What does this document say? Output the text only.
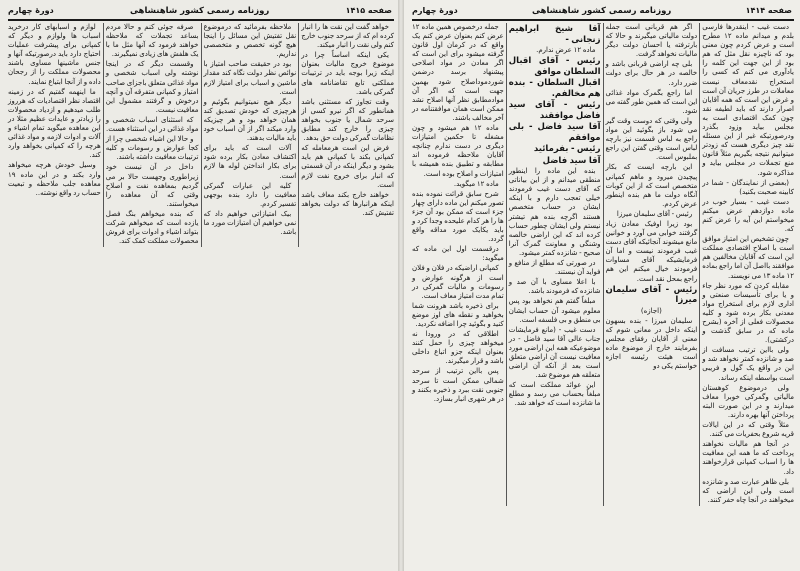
دورهٔ چهارم	روزنامه رسمی کشور شاهنشاهی	صفحه ۱۴۱۴

دست غیب - اینقدرها فارسی بلدم و میدانم ماده ۱۲ مطرح است و عرض کردم چون معنی بود که ناچیزه نقل مثل که هم بود از این جهت این کلمه را یادآوری می کنم که کسی را استخراج نقدمعاف نیست معاملات در طرز جریان آن است و غرض این است که همه آقایان اصرار دارند که باید لطیفه نقد چون کمک اقتصادی است به مجلس بیاید وزود بگذرد ودرصورتیکه غیر از این مسئله نقد چیز دیگری هست که زودتر میتوانیم نتیجه بگیریم مثلاً قانون منع تجملات در مجلس بیاید و مذاکره شود.

(بعضی از نمایندگان - شما در کابینه صحبت بکنید)

دست غیب - بسیار خوب در ماده دوازدهم عرض میکنم میخواستم این آیه را عرض کنم که.

چون تشخیص این امتیاز موافق است با اصلاح اقتصادی مملکت این است که آقایان مخالفین هم موافقند بااصل آن اما راجع بماده ۱۲ ماده ۱۳ می نویسند.

مقابله کردن که مورد نظر جاء و یا برای تأسیسات صنعتی و اداری لازم برای استخراج مواد معدنی بکار برده شود و کلیه محصولات فعلی از آخره (بشرح ماده که در سابق گذشت و درکشتی).

ولی بااین ترتیب مسافت از صد و شانزده کمتر نخواهد شد و این در واقع یک گول و فریبی است بواسطه اینکه رساند.

ولی درموضوع کوهستان مالیاتی وگمرکی خوبرا معاف میدارند و در این صورت البته پرداختن آنها بهره دارند.

مثلاً وقتی که در این ایالات قریه شروع بحفریات می کنند.

در آنجا هم مالیات نخواهند پرداخت که ما همه این معافیت ها را اسباب کمپانی قرارخواهند داد.

بلی ظاهر عبارت صد و شانزده است ولی این اراضی که میخواهند در آنجا چاه حفر کنند.

اگر هم قربانی است جمله دولت مالیاتی میگیرند و حالا که بارترفته یا احسان دولت دیگر مالیات نخواهد گرفت.

بلی چه اراضی قربانی باشد و خالصه در هر حال برای دولت ضرر دارد.

اما راجع بگمرک مواد غذائی این است که همین طور گفته می شود.

ولی وقتی که دوست وقت گیر می شود باز بگوئید این مواد راجع به لباس قسمت نیز بارچه لباس است وقتی گفتن این راجع بملبوس است.

این بارچه ایست که بکار پیچیدن میرود و ماهم کمپانی متخصص است که از این کوبات آنگاه دولت ما هم بنده اینطور عرض کردم.

رئیس - آقای سلیمان میرزا

بود زیرا اوفیک معادن زیاد گرفتند خوابی می آورد و خوانین مانع میشوند آنجائیکه آقای دست غیب فرمودند نیست و اما آن فرمایشیکه آقای مساوات فرمودند خیال میکنم این هم راجع بمحل نقد است.

رئیس - آقای سلیمان میرزا

(اجازه)

سلیمان میرزا - بنده بسهون اینکه داخل در معانی شوم که معنی از آقایان رفقای مجلس بفرمایند خارج از موضوع ماده است هیئت رئیسه اجازه خواستم یکی دو

آقا شیخ ابراهیم زنجانی -

ماده ۱۲ عرض ندارم.

رئیس - آقای اقبال السلطان موافق

اقبال السلطان - بنده هم مخالفم.

رئیس - آقای سید فاضل موافقند

آقا سید فاضل - بلی موافقم

رئیس - بفرمائید

آقا سید فاضل

بنده این ماده را اینطور منطقی میدانم و از این بیاناتی که آقای دست غیب فرمودند خیلی تعجب دارم و با اینکه ایشان در حساب متخصص هستند اگرچه بنده هم تیشتر نیستم ولی ایشان چطور حساب کرده اند که این اراضی خالصه وشنگی و معاونت گمرک آنرا صحیح - شانزده کمتر میشود.

در صورتی که مطلع از منافع و فواید آن نیستند.

با اعلا مساوی با آن صد و شانزده که فرمودند باشد.

مبلغاً گفتم هم نخواهد بود پس معلوم میشود آن حساب ایشان بی منطق و بی فلسفه است.

دست غیب - (مانع فرمایشات جناب عالی آقا سید فاضل - در موضوعیکه همه این اراضی مورد معافیت نیست آن اراضی متعلق است بعد از آنکه آن اراضی متعلقه هم موضوع شد.

این عوائد مملکت است که مبلغاً بحساب می رسد و مطلع ما شانزده است که خواهد شد.

جمله درخصوص همین ماده ۱۲ عرض کنم بعنوان عرض کنم یک واقع که در کرمان اول قانون گرفته میشود برای این است که اگر معادن در مواد اصلاحی پیشنهاد برسد درضمن شوردموداصلاح شود بهمین جهت است که اگر آن موادمطابق نظر آنها اصلاح نشد ممکن است همان موافقتنامه در آخر مخالف باشند.

ماده ۱۲ هم میشود و چون مشغله تا حکمین امتیازات دیگری در دست ندارم چنانچه آقایان ملاحظه فرموده اند مطابقه و تطبیق بنده همیشه با امتیازات و اصلاح بوده است.

ماده ۱۲ میگوید.

شرح سابق قرائت نموده بنده تصور میکنم این ماده دارای چهار جزء است که ممکن بود آن جزء ها را هر کدام علیحده وجدا کرد و باید یکایک مورد مداقه واقع گردد.

درقسمت اول این ماده که میگوید:

کمپانی اراضیکه در فلان و فلان است از هرگونه عوارض و رسومات و مالیات گمرکی در تمام مدت امتیاز معاف است.

برای ذخیره باشد هرونت شما بخواهید و نقطه های اوز موضع کنید و بگوئید چرا اضافه نکردید.

اطلاقی که در ورودا نه میخواهد چیزی را حمل کنند بعنوان اینکه جزو اتباع داخلی باشد و قرار میگیرند.

پس بااین ترتیب از سرحد شمالی ممکن است تا سرحد جنوبی نقت ببرد و ذخیره بکنند و در هر شهری انبار بسازد.

دورهٔ چهارم	روزنامه رسمی کشور شاهنشاهی	صفحه ۱۴۱۵

خواهد گفت این نقت ها را انبار کرده ام که از سرحد جنوب خارج کنم ولی نقت را انبار میکند.

یکی اینکه اساساً چرا در موضوع خروج مالیات بعنوان اینکه زیرا بوجه باید در ترتیبات مملکتی تابع تقاضانامه های گمرکی باشد.

وقت تجاوز که مستثنی باشد همانطور که اگر نیرو کسی از سرحد شمال یا جنوب بخواهد چیزی را خارج کند مطابق نظامات گمرکی دولت حق بدهد.

فرض این است هرمعامله که کمپانی بکند با کمپانی هم باید بشود و دیگر اینکه در آن قسمتی که انبار برای خروج نفت لازم است.

خواهند خارج بکند معاف باشد اینکه هرانبارها که دولت بخواهد تفتیش کند.

ملاحظه بفرمائید که درموضوع نقل تفتیش این مسائل را اینجا هیچ گونه تخصص و متخصصی نداریم.

بود در حقیقت صاحب امتیاز با نوائص نظر دولت نگاه کند مقدار ماشین و اسباب برای امتیاز لازم است.

دیگر هیچ نمیتوانیم بگوئیم و هرچیزی که خودش تصدیق کند همان خواهد بود و هر چیزیکه وارد میکند اگر از آن اسباب خود باید مالیات بدهند.

آلات است که باید برای اکتشاف معادن بکار برده شود برای بکار انداختن لوله ها لازم است.

کلیه این عبارات گمرکی معافیت را دارد بنده بوجهی تفسیر کردم.

بیک امتیازاتی خواهیم داد که نمی خواهیم آن امتیازات مورد ما باشد.

صرفه جوئی کنم و حالا مردم بساعد تجملات که ملاحظه خواهند فرمود که آنها مثل ما با یک هلفش های زیادی نمیگیرند.

وقسمت دیگر که در اینجا نوشته ولی اسباب شخصی و مواد غذائی متعلق باجزای صاحب امتیاز و کمپانی متفرقه آن و آنچه درخوش و گرفتند مشمول این معافیت نیست.

که استثنای اسباب شخصی و مواد غذائی در این استثناء هست.

و حالا این اشیاء شخصی چرا از کجا عوارض و رسومات و کلیه ترتیبات معافیت داشته باشند.

داخل در آن نیست خود زیراطوری وجهست حالا بر می گردیم بمعاهده نفت و اصلاح وقتی که آن معاهده را میخواستند.

که بنده میخواهم بنگ فصل یازده است که میخواهم شرکت بتواند اشیاء و ادوات برای فروش محصولات مملکت کمک کند.

لوازم و اسبابهای کار درخرید اسباب ها ولوازم و دیگر که کمپانی برای پیشرفت عملیات احتیاج دارد باید درصورتیکه آنها و جنس ماشینها مساوی باشند محصولات مملکت را از رجحان داده و از آنجا ابتیاع نمایند.

ما اینهمه گفتیم که در زمینه اقتصاد نظر اقتصادیات که هرروز طلب میدهیم و ازدیاد محصولات را زیادتر و عایدات عظیم مثلا در این معاهده میگوید تمام اشیاء و آلات و ادوات لازمه و مواد غذائی هرچه را که کمپانی بخواهد وارد کند.

وسیل خودش هرچه میخواهد وارد بکند و در این ماده ۱۹ معاهده جلب ملاحظه و تبعیت حساب رد واقع نوشته..
